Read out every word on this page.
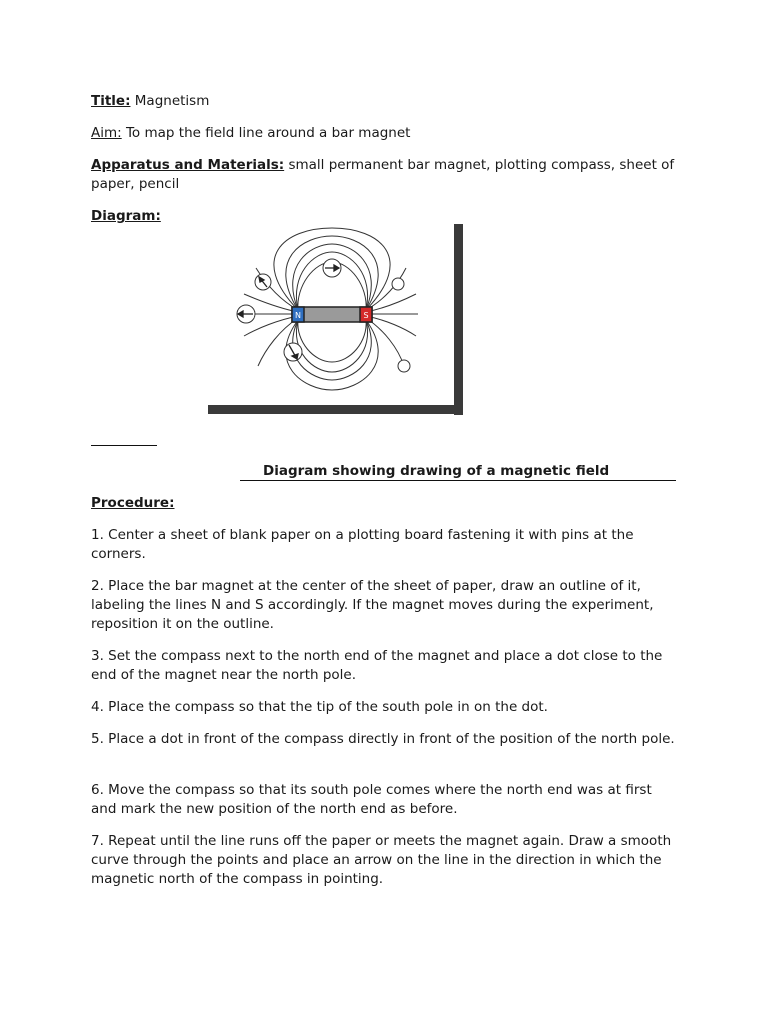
Title: Magnetism
Aim: To map the field line around a bar magnet
Apparatus and Materials: small permanent bar magnet, plotting compass, sheet of paper, pencil
Diagram:
N	S
Diagram showing drawing of a magnetic field
Procedure:
1. Center a sheet of blank paper on a plotting board fastening it with pins at the corners.
2. Place the bar magnet at the center of the sheet of paper, draw an outline of it, labeling the lines N and S accordingly. If the magnet moves during the experiment, reposition it on the outline.
3. Set the compass next to the north end of the magnet and place a dot close to the end of the magnet near the north pole.
4. Place the compass so that the tip of the south pole in on the dot.
5. Place a dot in front of the compass directly in front of the position of the north pole.
6. Move the compass so that its south pole comes where the north end was at first and mark the new position of the north end as before.
7. Repeat until the line runs off the paper or meets the magnet again. Draw a smooth curve through the points and place an arrow on the line in the direction in which the magnetic north of the compass in pointing.
